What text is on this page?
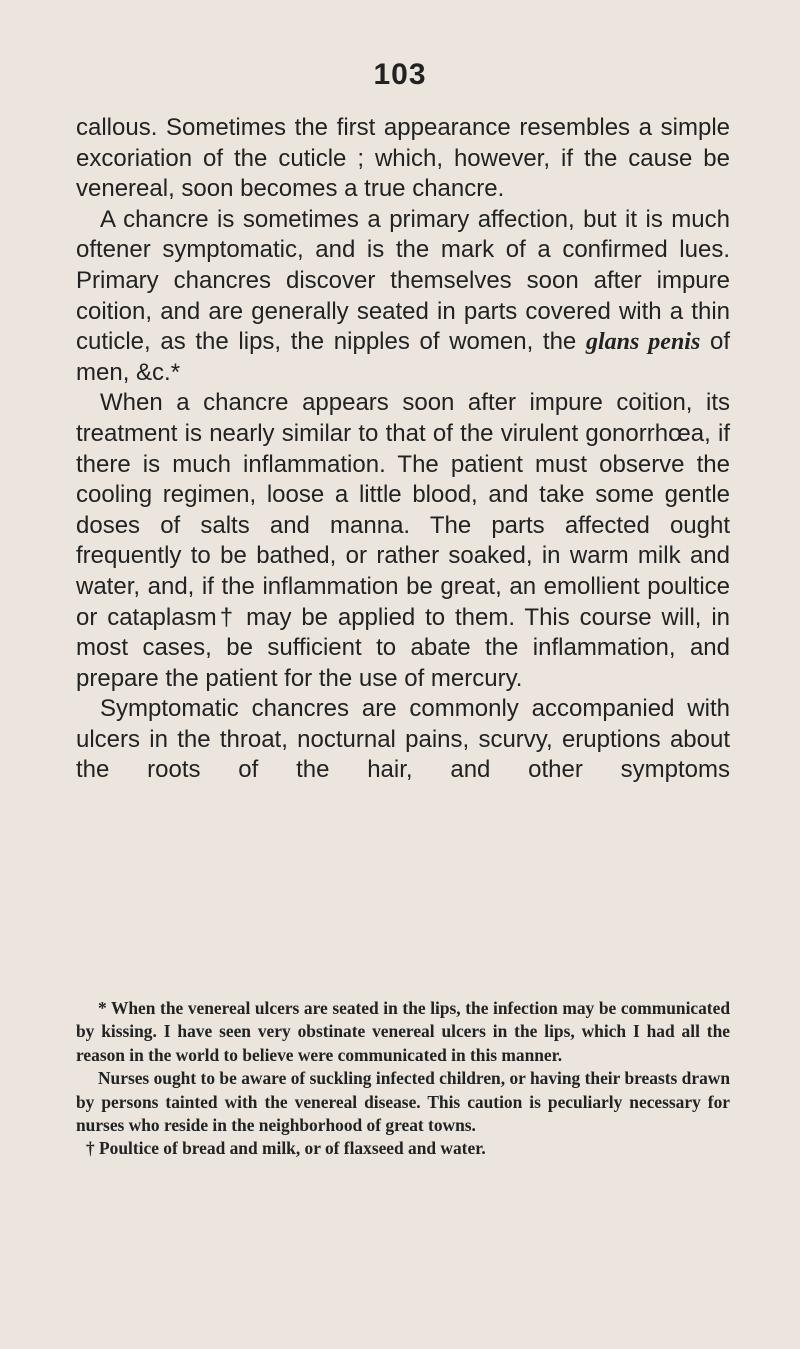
103

callous. Sometimes the first appearance resembles a simple excoriation of the cuticle ; which, however, if the cause be venereal, soon becomes a true chancre.

A chancre is sometimes a primary affection, but it is much oftener symptomatic, and is the mark of a confirmed lues. Primary chancres discover themselves soon after impure coition, and are generally seated in parts covered with a thin cuticle, as the lips, the nipples of women, the glans penis of men, &c.*

When a chancre appears soon after impure coition, its treatment is nearly similar to that of the virulent gonorrhœa, if there is much inflammation. The patient must observe the cooling regimen, loose a little blood, and take some gentle doses of salts and manna. The parts affected ought frequently to be bathed, or rather soaked, in warm milk and water, and, if the inflammation be great, an emollient poultice or cataplasm† may be applied to them. This course will, in most cases, be sufficient to abate the inflammation, and prepare the patient for the use of mercury.

Symptomatic chancres are commonly accompanied with ulcers in the throat, nocturnal pains, scurvy, eruptions about the roots of the hair, and other symptoms

* When the venereal ulcers are seated in the lips, the infection may be communicated by kissing. I have seen very obstinate venereal ulcers in the lips, which I had all the reason in the world to believe were communicated in this manner.

Nurses ought to be aware of suckling infected children, or having their breasts drawn by persons tainted with the venereal disease. This caution is peculiarly necessary for nurses who reside in the neighborhood of great towns.

† Poultice of bread and milk, or of flaxseed and water.
